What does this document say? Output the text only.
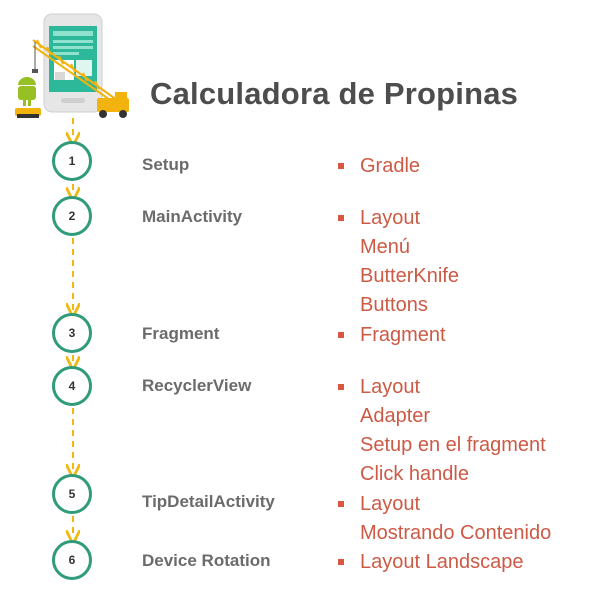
Calculadora de Propinas
1	Setup	Gradle
2	MainActivity	Layout
Menú
ButterKnife
Buttons
3	Fragment	Fragment
4	RecyclerView	Layout
Adapter
Setup en el fragment
Click handle
5	TipDetailActivity	Layout
Mostrando Contenido
6	Device Rotation	Layout Landscape
